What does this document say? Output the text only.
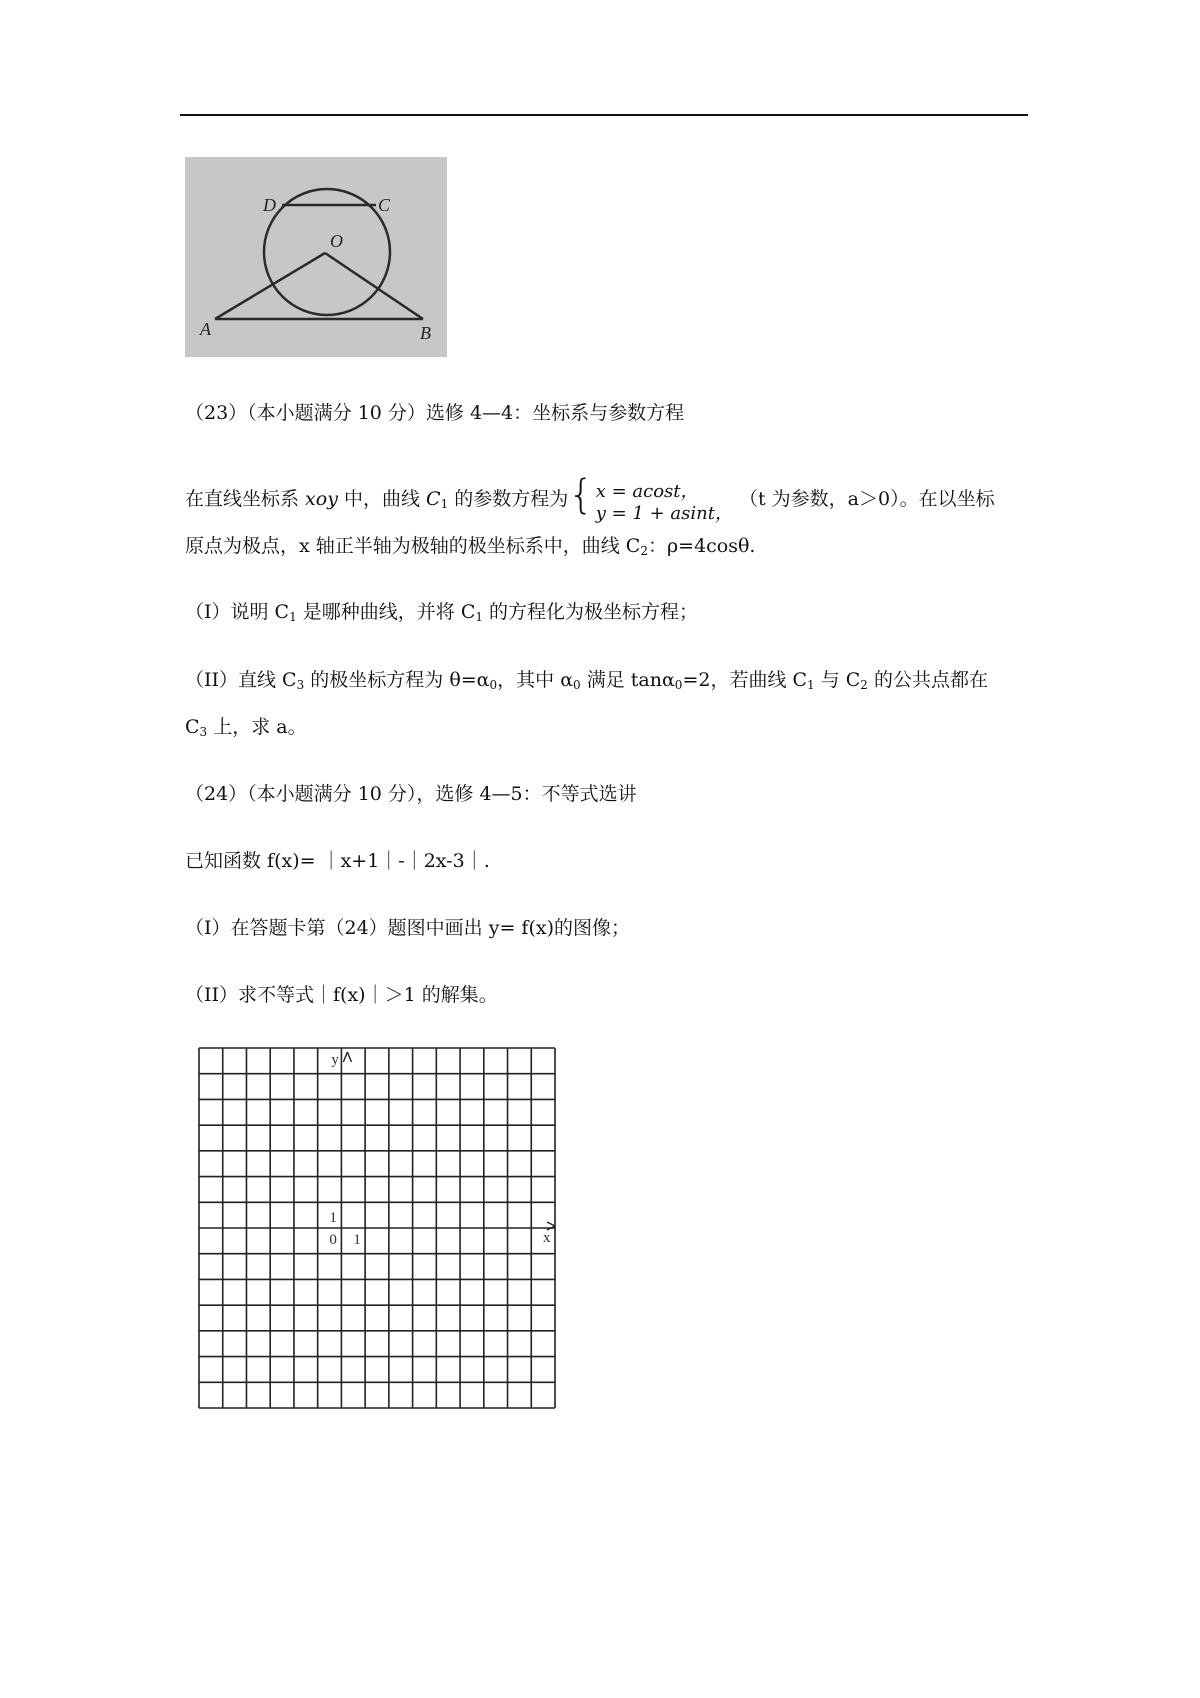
D	C
O
A	B
（23）（本小题满分 10 分）选修 4—4：坐标系与参数方程
在直线坐标系 xoy 中，曲线 $C_1$ 的参数方程为{ x = acost，
y = 1 + asint，
（t 为参数，a＞0）。在以坐标
原点为极点，x 轴正半轴为极轴的极坐标系中，曲线 $C_2$：ρ=4cosθ.
（I）说明 $C_1$ 是哪种曲线，并将 $C_1$ 的方程化为极坐标方程；
（II）直线 $C_3$ 的极坐标方程为 $\theta=\alpha_0$，其中 $\alpha_0$ 满足 tanα$_0$=2，若曲线 $C_1$ 与 $C_2$ 的公共点都在
$C_3$ 上，求 a。
（24）（本小题满分 10 分），选修 4—5：不等式选讲
已知函数 f(x)= ｜x+1｜-｜2x-3｜.
（I）在答题卡第（24）题图中画出 y= f(x)的图像；
（II）求不等式｜f(x)｜＞1 的解集。
y
x
0 1
1
